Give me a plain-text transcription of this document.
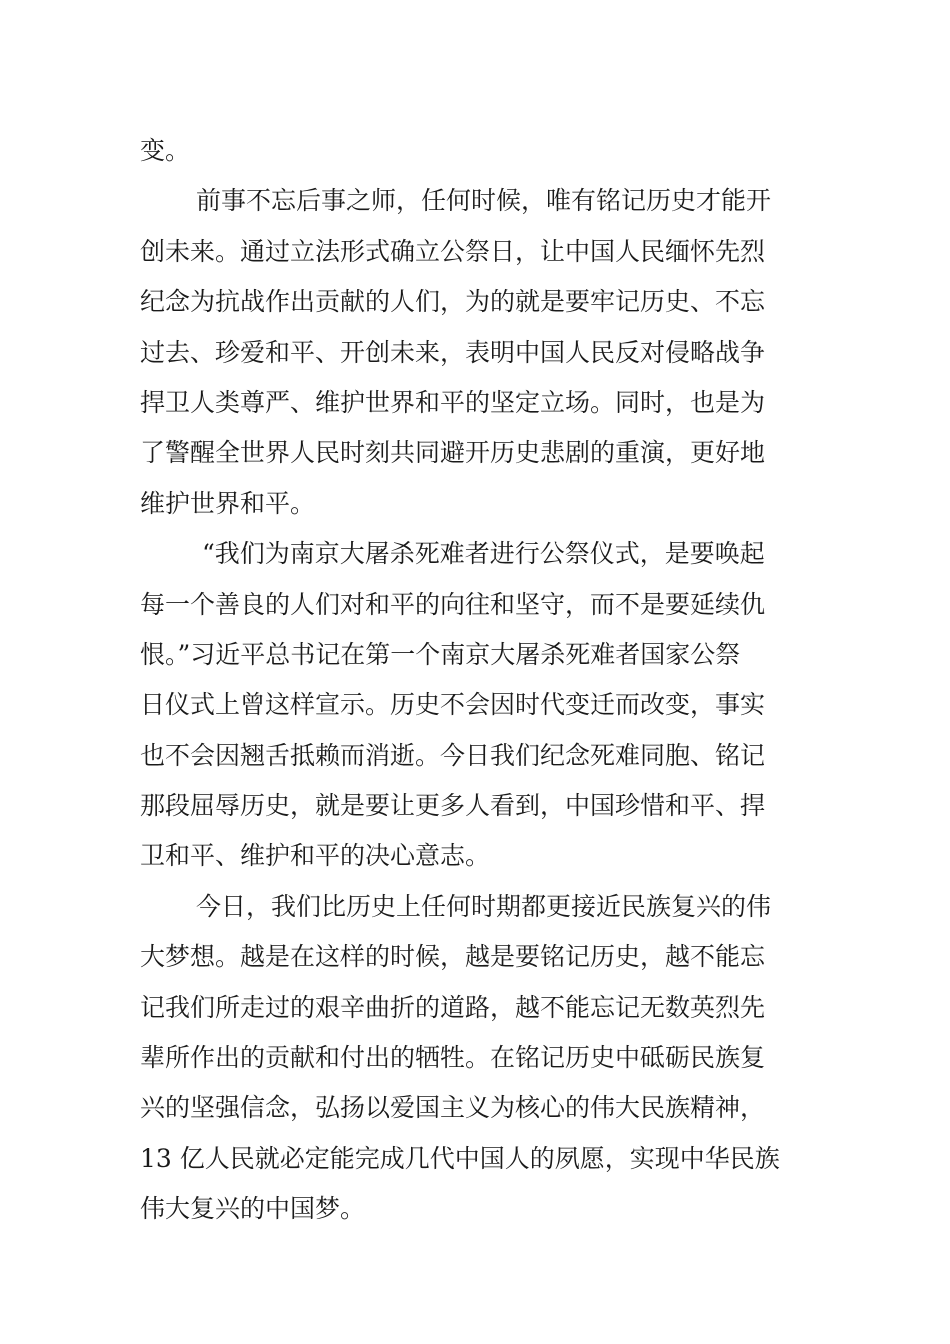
变。
前事不忘后事之师，任何时候，唯有铭记历史才能开
创未来。通过立法形式确立公祭日，让中国人民缅怀先烈
纪念为抗战作出贡献的人们，为的就是要牢记历史、不忘
过去、珍爱和平、开创未来，表明中国人民反对侵略战争
捍卫人类尊严、维护世界和平的坚定立场。同时，也是为
了警醒全世界人民时刻共同避开历史悲剧的重演，更好地
维护世界和平。
“我们为南京大屠杀死难者进行公祭仪式，是要唤起
每一个善良的人们对和平的向往和坚守，而不是要延续仇
恨。”习近平总书记在第一个南京大屠杀死难者国家公祭
日仪式上曾这样宣示。历史不会因时代变迁而改变，事实
也不会因翘舌抵赖而消逝。今日我们纪念死难同胞、铭记
那段屈辱历史，就是要让更多人看到，中国珍惜和平、捍
卫和平、维护和平的决心意志。
今日，我们比历史上任何时期都更接近民族复兴的伟
大梦想。越是在这样的时候，越是要铭记历史，越不能忘
记我们所走过的艰辛曲折的道路，越不能忘记无数英烈先
辈所作出的贡献和付出的牺牲。在铭记历史中砥砺民族复
兴的坚强信念，弘扬以爱国主义为核心的伟大民族精神，
13 亿人民就必定能完成几代中国人的夙愿，实现中华民族
伟大复兴的中国梦。
